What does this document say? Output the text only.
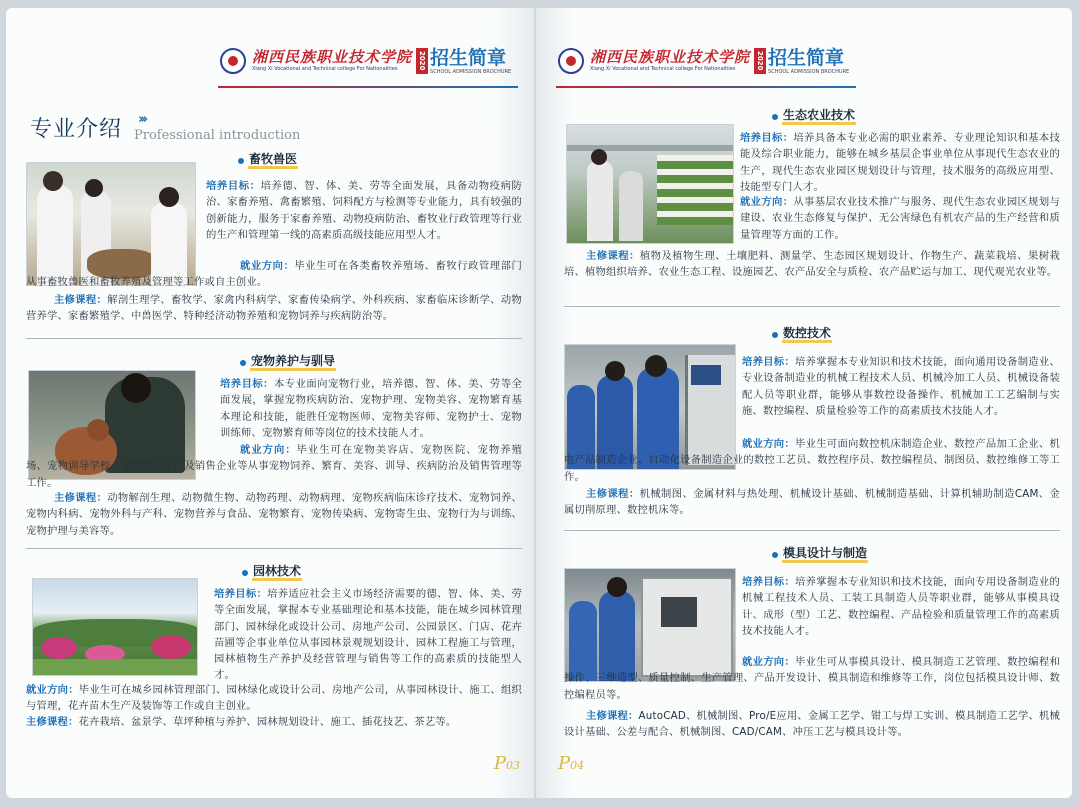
湘西民族职业技术学院
Xiang Xi Vocational and Technical college For Nationalities	2020 招生简章
SCHOOL ADMISSION BROCHURE
专业介绍 ›››
Professional introduction
畜牧兽医
培养目标：培养德、智、体、美、劳等全面发展，具备动物疫病防治、家畜养殖、禽畜繁殖、饲料配方与检测等专业能力，具有较强的创新能力，服务于家畜养殖、动物疫病防治、畜牧业行政管理等行业的生产和管理第一线的高素质高级技能应用型人才。
就业方向：毕业生可在各类畜牧养殖场、畜牧行政管理部门从事畜牧兽医和畜牧养殖及管理等工作或自主创业。
主修课程：解剖生理学、畜牧学、家禽内科病学、家畜传染病学、外科疾病、家畜临床诊断学、动物营养学、家畜繁殖学、中兽医学、特种经济动物养殖和宠物饲养与疾病防治等。
宠物养护与驯导
培养目标：本专业面向宠物行业，培养德、智、体、美、劳等全面发展，掌握宠物疾病防治、宠物护理、宠物美容、宠物繁育基本理论和技能，能胜任宠物医师、宠物美容师、宠物护士、宠物训练师、宠物繁育师等岗位的技术技能人才。
就业方向：毕业生可在宠物美容店、宠物医院、宠物养殖场、宠物训导学校、宠物用品生产及销售企业等从事宠物饲养、繁育、美容、训导、疾病防治及销售管理等工作。
主修课程：动物解剖生理、动物微生物、动物药理、动物病理、宠物疾病临床诊疗技术、宠物饲养、宠物内科病、宠物外科与产科、宠物营养与食品、宠物繁育、宠物传染病、宠物寄生虫、宠物行为与训练、宠物护理与美容等。
园林技术
培养目标：培养适应社会主义市场经济需要的德、智、体、美、劳等全面发展，掌握本专业基础理论和基本技能，能在城乡园林管理部门、园林绿化或设计公司、房地产公司、公园景区、门店、花卉苗圃等企事业单位从事园林景观规划设计、园林工程施工与管理，园林植物生产养护及经营管理与销售等工作的高素质的技能型人才。
就业方向：毕业生可在城乡园林管理部门、园林绿化或设计公司、房地产公司，从事园林设计、施工、组织与管理，花卉苗木生产及装饰等工作或自主创业。
主修课程：花卉栽培、盆景学、草坪种植与养护、园林规划设计、施工、插花技艺、茶艺等。
P03
湘西民族职业技术学院
Xiang Xi Vocational and Technical college For Nationalities	2020 招生简章
SCHOOL ADMISSION BROCHURE
生态农业技术
培养目标：培养具备本专业必需的职业素养、专业理论知识和基本技能及综合职业能力，能够在城乡基层企事业单位从事现代生态农业的生产，现代生态农业园区规划设计与管理，技术服务的高级应用型、技能型专门人才。
就业方向：从事基层农业技术推广与服务、现代生态农业园区规划与建设、农业生态修复与保护、无公害绿色有机农产品的生产经营和质量管理等方面的工作。
主修课程：植物及植物生理、土壤肥料、测量学、生态园区规划设计、作物生产、蔬菜栽培、果树栽培、植物组织培养、农业生态工程、设施园艺、农产品安全与质检、农产品贮运与加工、现代观光农业等。
数控技术
培养目标：培养掌握本专业知识和技术技能，面向通用设备制造业、专业设备制造业的机械工程技术人员、机械冷加工人员、机械设备装配人员等职业群，能够从事数控设备操作、机械加工工艺编制与实施、数控编程、质量检验等工作的高素质技术技能人才。
就业方向：毕业生可面向数控机床制造企业、数控产品加工企业、机电产品制造企业、自动化设备制造企业的数控工艺员、数控程序员、数控编程员、制图员、数控维修工等工作。
主修课程：机械制图、金属材料与热处理、机械设计基础、机械制造基础、计算机辅助制造CAM、金属切削原理、数控机床等。
模具设计与制造
培养目标：培养掌握本专业知识和技术技能，面向专用设备制造业的机械工程技术人员、工装工具制造人员等职业群，能够从事模具设计、成形（型）工艺、数控编程、产品检验和质量管理工作的高素质技术技能人才。
就业方向：毕业生可从事模具设计、模具制造工艺管理、数控编程和操作、三维造型、质量控制、生产管理、产品开发设计、模具制造和维修等工作，岗位包括模具设计师、数控编程员等。
主修课程：AutoCAD、机械制图、Pro/E应用、金属工艺学、钳工与焊工实训、模具制造工艺学、机械设计基础、公差与配合、机械制图、CAD/CAM、冲压工艺与模具设计等。
P04
